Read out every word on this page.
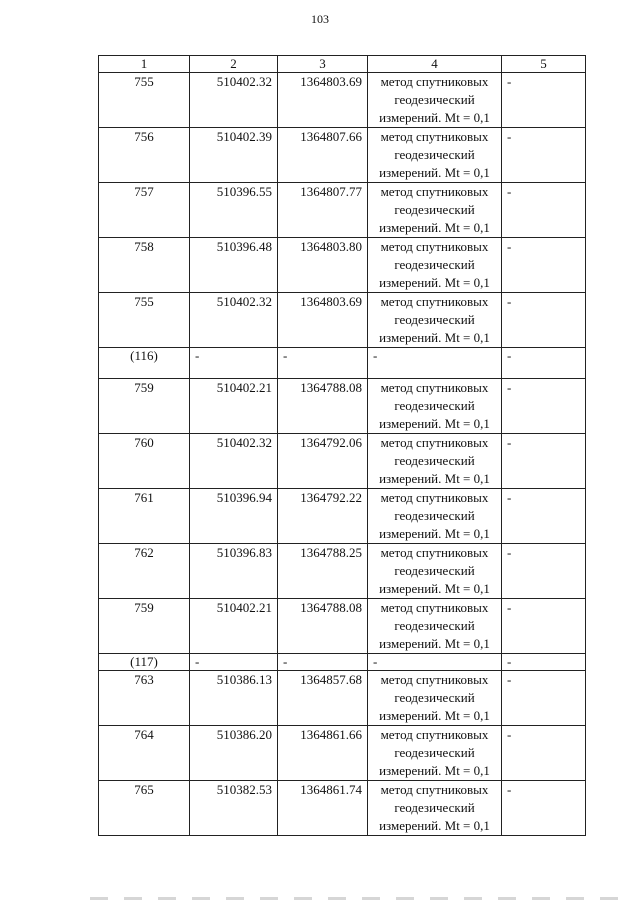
103
1	2	3	4	5
755	510402.32	1364803.69	метод спутниковых геодезический измерений. Mt = 0,1	-
756	510402.39	1364807.66	метод спутниковых геодезический измерений. Mt = 0,1	-
757	510396.55	1364807.77	метод спутниковых геодезический измерений. Mt = 0,1	-
758	510396.48	1364803.80	метод спутниковых геодезический измерений. Mt = 0,1	-
755	510402.32	1364803.69	метод спутниковых геодезический измерений. Mt = 0,1	-
(116)	-	-	-	-
759	510402.21	1364788.08	метод спутниковых геодезический измерений. Mt = 0,1	-
760	510402.32	1364792.06	метод спутниковых геодезический измерений. Mt = 0,1	-
761	510396.94	1364792.22	метод спутниковых геодезический измерений. Mt = 0,1	-
762	510396.83	1364788.25	метод спутниковых геодезический измерений. Mt = 0,1	-
759	510402.21	1364788.08	метод спутниковых геодезический измерений. Mt = 0,1	-
(117)	-	-	-	-
763	510386.13	1364857.68	метод спутниковых геодезический измерений. Mt = 0,1	-
764	510386.20	1364861.66	метод спутниковых геодезический измерений. Mt = 0,1	-
765	510382.53	1364861.74	метод спутниковых геодезический измерений. Mt = 0,1	-
